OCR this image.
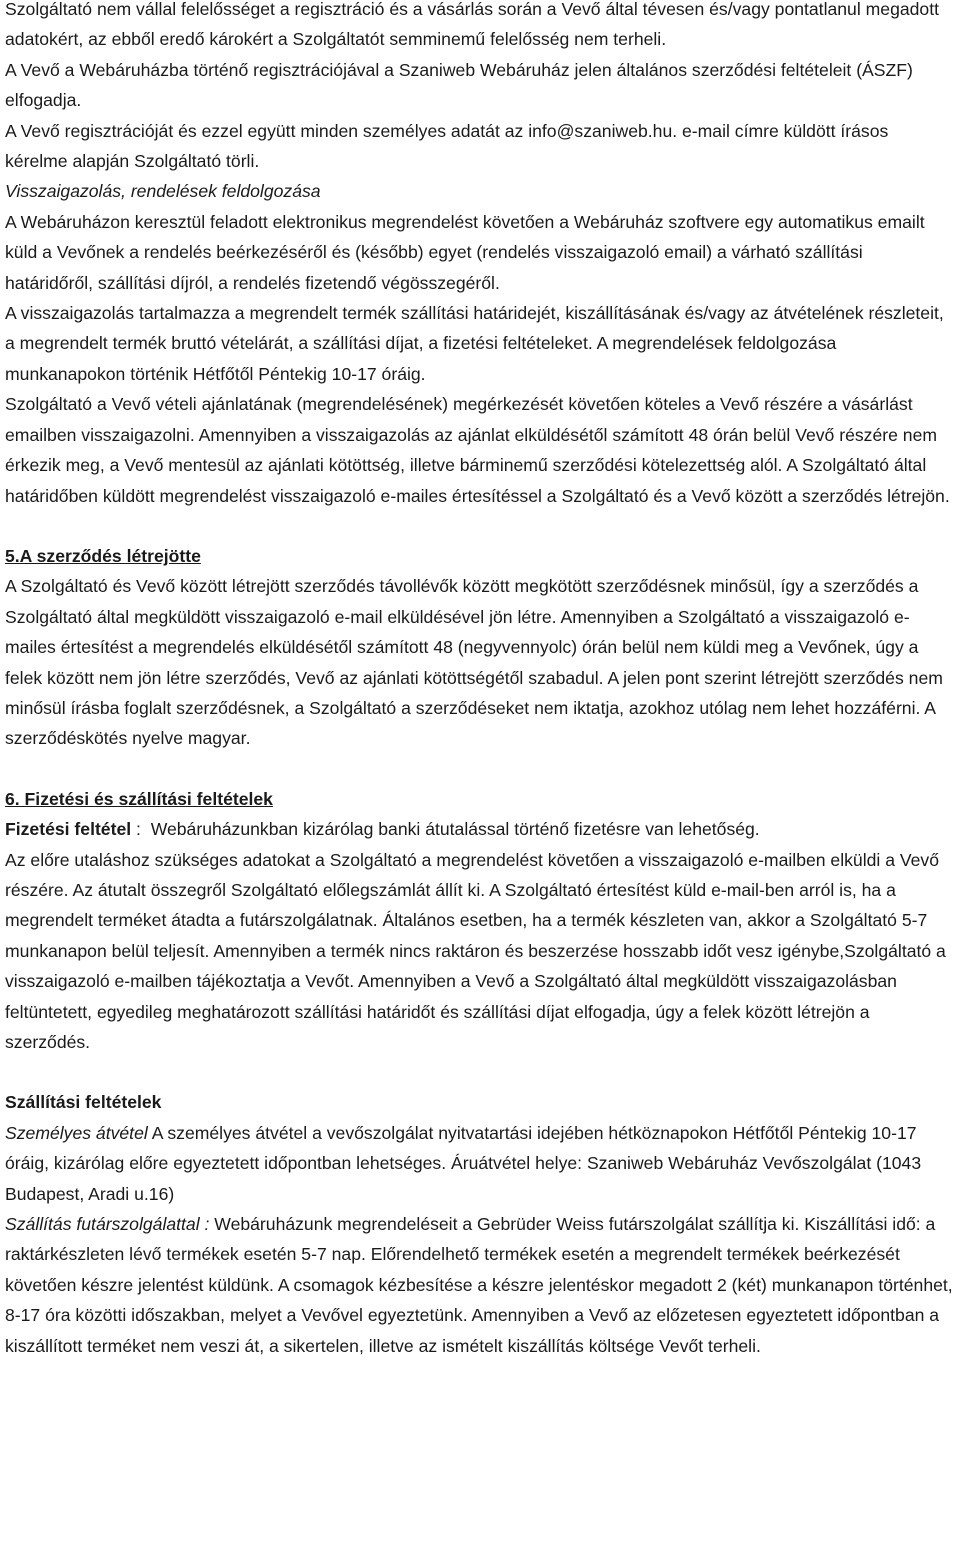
Szolgáltató nem vállal felelősséget a regisztráció és a vásárlás során a Vevő által tévesen és/vagy pontatlanul megadott adatokért, az ebből eredő károkért a Szolgáltatót semminemű felelősség nem terheli.

A Vevő a Webáruházba történő regisztrációjával a Szaniweb Webáruház jelen általános szerződési feltételeit (ÁSZF) elfogadja.

A Vevő regisztrációját és ezzel együtt minden személyes adatát az info@szaniweb.hu. e-mail címre küldött írásos kérelme alapján Szolgáltató törli.

Visszaigazolás, rendelések feldolgozása

A Webáruházon keresztül feladott elektronikus megrendelést követően a Webáruház szoftvere egy automatikus emailt küld a Vevőnek a rendelés beérkezéséről és (később) egyet (rendelés visszaigazoló email) a várható szállítási határidőről, szállítási díjról, a rendelés fizetendő végösszegéről.

A visszaigazolás tartalmazza a megrendelt termék szállítási határidejét, kiszállításának és/vagy az átvételének részleteit, a megrendelt termék bruttó vételárát, a szállítási díjat, a fizetési feltételeket. A megrendelések feldolgozása munkanapokon történik Hétfőtől Péntekig 10-17 óráig.

Szolgáltató a Vevő vételi ajánlatának (megrendelésének) megérkezését követően köteles a Vevő részére a vásárlást emailben visszaigazolni. Amennyiben a visszaigazolás az ajánlat elküldésétől számított 48 órán belül Vevő részére nem érkezik meg, a Vevő mentesül az ajánlati kötöttség, illetve bárminemű szerződési kötelezettség alól. A Szolgáltató által határidőben küldött megrendelést visszaigazoló e-mailes értesítéssel a Szolgáltató és a Vevő között a szerződés létrejön.

5.A szerződés létrejötte

A Szolgáltató és Vevő között létrejött szerződés távollévők között megkötött szerződésnek minősül, így a szerződés a Szolgáltató által megküldött visszaigazoló e-mail elküldésével jön létre. Amennyiben a Szolgáltató a visszaigazoló e-mailes értesítést a megrendelés elküldésétől számított 48 (negyvennyolc) órán belül nem küldi meg a Vevőnek, úgy a felek között nem jön létre szerződés, Vevő az ajánlati kötöttségétől szabadul. A jelen pont szerint létrejött szerződés nem minősül írásba foglalt szerződésnek, a Szolgáltató a szerződéseket nem iktatja, azokhoz utólag nem lehet hozzáférni. A szerződéskötés nyelve magyar.

6. Fizetési és szállítási feltételek

Fizetési feltétel :  Webáruházunkban kizárólag banki átutalással történő fizetésre van lehetőség.

Az előre utaláshoz szükséges adatokat a Szolgáltató a megrendelést követően a visszaigazoló e-mailben elküldi a Vevő részére. Az átutalt összegről Szolgáltató előlegszámlát állít ki. A Szolgáltató értesítést küld e-mail-ben arról is, ha a megrendelt terméket átadta a futárszolgálatnak. Általános esetben, ha a termék készleten van, akkor a Szolgáltató 5-7 munkanapon belül teljesít. Amennyiben a termék nincs raktáron és beszerzése hosszabb időt vesz igénybe,Szolgáltató a visszaigazoló e-mailben tájékoztatja a Vevőt. Amennyiben a Vevő a Szolgáltató által megküldött visszaigazolásban feltüntetett, egyedileg meghatározott szállítási határidőt és szállítási díjat elfogadja, úgy a felek között létrejön a szerződés.

Szállítási feltételek

Személyes átvétel A személyes átvétel a vevőszolgálat nyitvatartási idejében hétköznapokon Hétfőtől Péntekig 10-17 óráig, kizárólag előre egyeztetett időpontban lehetséges. Áruátvétel helye: Szaniweb Webáruház Vevőszolgálat (1043 Budapest, Aradi u.16)

Szállítás futárszolgálattal : Webáruházunk megrendeléseit a Gebrüder Weiss futárszolgálat szállítja ki. Kiszállítási idő: a raktárkészleten lévő termékek esetén 5-7 nap. Előrendelhető termékek esetén a megrendelt termékek beérkezését követően készre jelentést küldünk. A csomagok kézbesítése a készre jelentéskor megadott 2 (két) munkanapon történhet, 8-17 óra közötti időszakban, melyet a Vevővel egyeztetünk. Amennyiben a Vevő az előzetesen egyeztetett időpontban a kiszállított terméket nem veszi át, a sikertelen, illetve az ismételt kiszállítás költsége Vevőt terheli.
